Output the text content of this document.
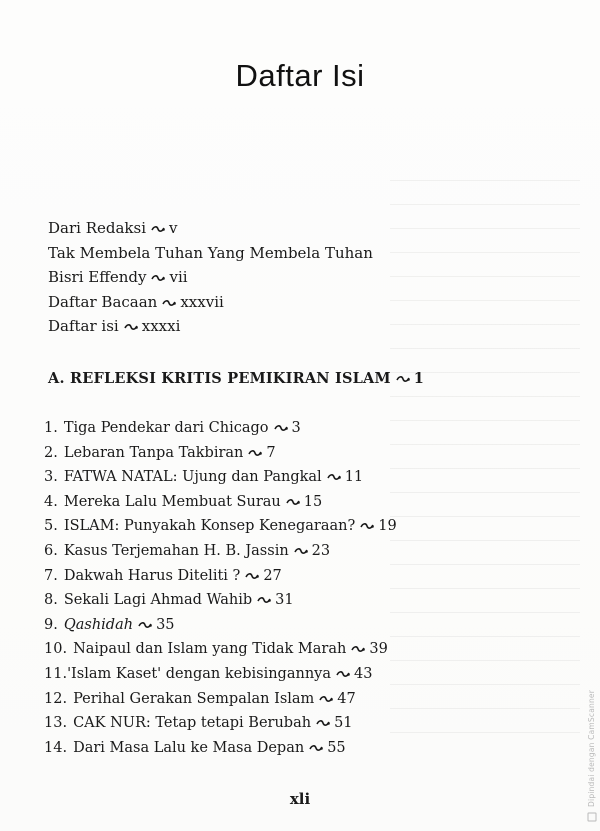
Daftar Isi
Dari Redaksi v
Tak Membela Tuhan Yang Membela Tuhan
Bisri Effendy vii
Daftar Bacaan xxxvii
Daftar isi xxxxi
A. REFLEKSI KRITIS PEMIKIRAN ISLAM 1
1. Tiga Pendekar dari Chicago 3
2. Lebaran Tanpa Takbiran 7
3. FATWA NATAL: Ujung dan Pangkal 11
4. Mereka Lalu Membuat Surau 15
5. ISLAM: Punyakah Konsep Kenegaraan? 19
6. Kasus Terjemahan H. B. Jassin 23
7. Dakwah Harus Diteliti ? 27
8. Sekali Lagi Ahmad Wahib 31
9. Qashidah 35
10. Naipaul dan Islam yang Tidak Marah 39
11.'Islam Kaset' dengan kebisingannya 43
12. Perihal Gerakan Sempalan Islam 47
13. CAK NUR: Tetap tetapi Berubah 51
14. Dari Masa Lalu ke Masa Depan 55
xli	Dipindai dengan CamScanner
